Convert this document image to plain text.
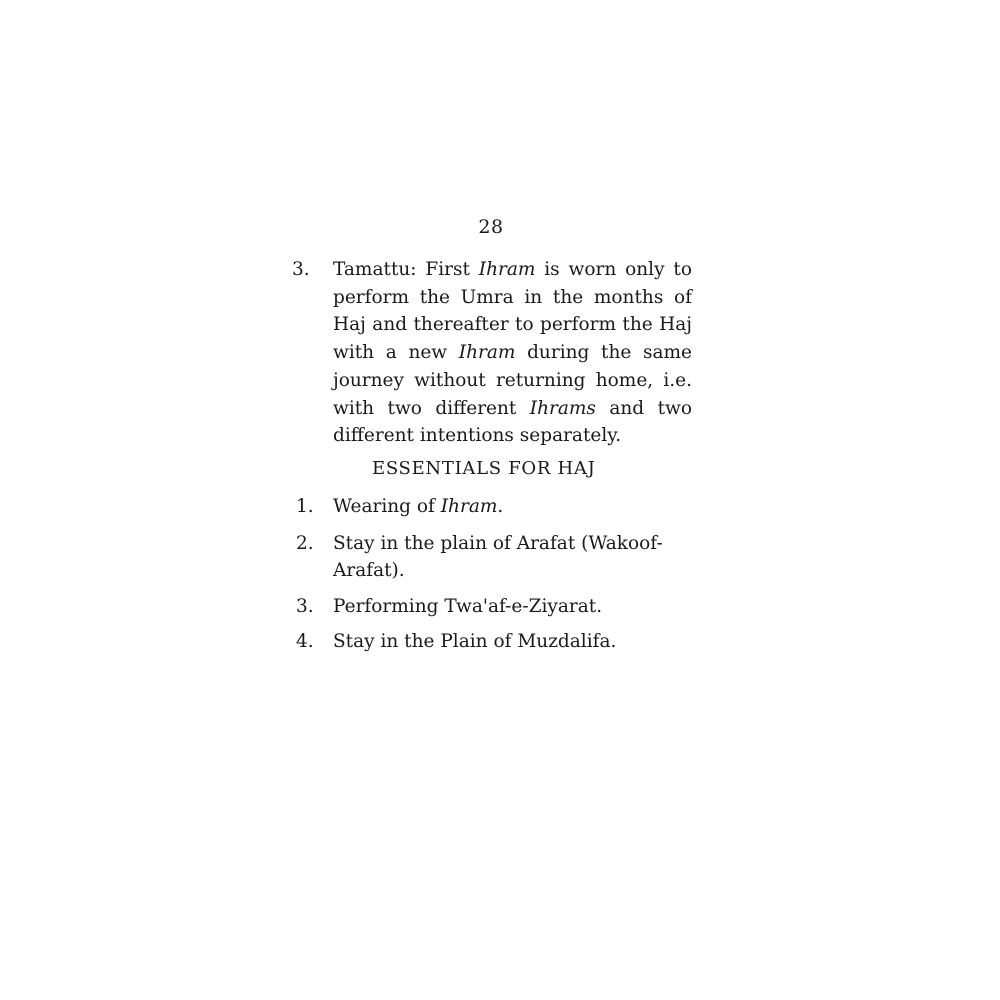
28
3.	Tamattu: First Ihram is worn only to
perform the Umra in the months of
Haj and thereafter to perform the Haj
with a new Ihram during the same
journey without returning home, i.e.
with two different Ihrams and two
different intentions separately.
ESSENTIALS FOR HAJ
1. Wearing of Ihram.
2. Stay in the plain of Arafat (Wakoof-
Arafat).
3. Performing Twa'af-e-Ziyarat.
4. Stay in the Plain of Muzdalifa.
